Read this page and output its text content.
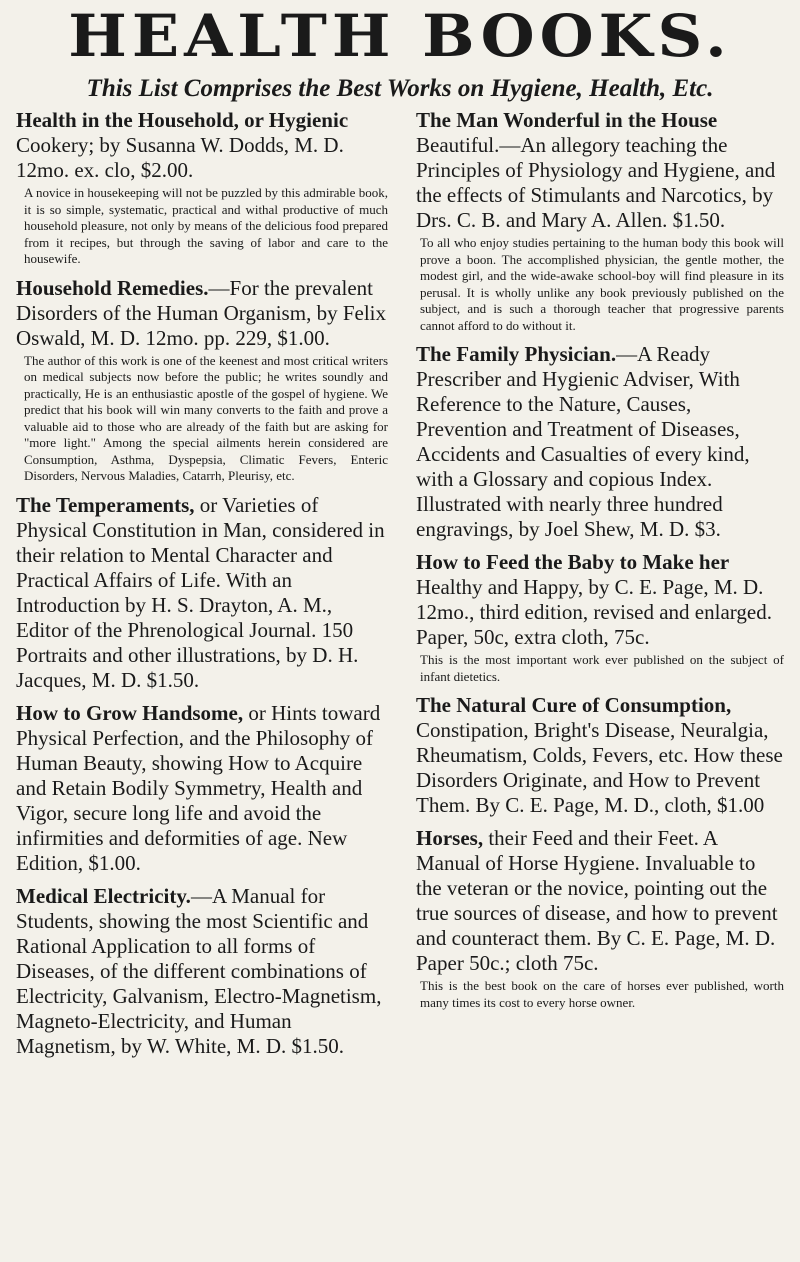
HEALTH BOOKS.
This List Comprises the Best Works on Hygiene, Health, Etc.

Health in the Household, or Hygienic Cookery; by Susanna W. Dodds, M. D. 12mo. ex. clo, $2.00.

A novice in housekeeping will not be puzzled by this admirable book, it is so simple, systematic, practical and withal productive of much household pleasure, not only by means of the delicious food prepared from it recipes, but through the saving of labor and care to the housewife.

Household Remedies.—For the prevalent Disorders of the Human Organism, by Felix Oswald, M. D. 12mo. pp. 229, $1.00.

The author of this work is one of the keenest and most critical writers on medical subjects now before the public; he writes soundly and practically, He is an enthusiastic apostle of the gospel of hygiene. We predict that his book will win many converts to the faith and prove a valuable aid to those who are already of the faith but are asking for "more light." Among the special ailments herein considered are Consumption, Asthma, Dyspepsia, Climatic Fevers, Enteric Disorders, Nervous Maladies, Catarrh, Pleurisy, etc.

The Temperaments, or Varieties of Physical Constitution in Man, considered in their relation to Mental Character and Practical Affairs of Life. With an Introduction by H. S. Drayton, A. M., Editor of the Phrenological Journal. 150 Portraits and other illustrations, by D. H. Jacques, M. D. $1.50.

How to Grow Handsome, or Hints toward Physical Perfection, and the Philosophy of Human Beauty, showing How to Acquire and Retain Bodily Symmetry, Health and Vigor, secure long life and avoid the infirmities and deformities of age. New Edition, $1.00.

Medical Electricity.—A Manual for Students, showing the most Scientific and Rational Application to all forms of Diseases, of the different combinations of Electricity, Galvanism, Electro-Magnetism, Magneto-Electricity, and Human Magnetism, by W. White, M. D. $1.50.

The Man Wonderful in the House Beautiful.—An allegory teaching the Principles of Physiology and Hygiene, and the effects of Stimulants and Narcotics, by Drs. C. B. and Mary A. Allen. $1.50.

To all who enjoy studies pertaining to the human body this book will prove a boon. The accomplished physician, the gentle mother, the modest girl, and the wide-awake school-boy will find pleasure in its perusal. It is wholly unlike any book previously published on the subject, and is such a thorough teacher that progressive parents cannot afford to do without it.

The Family Physician.—A Ready Prescriber and Hygienic Adviser, With Reference to the Nature, Causes, Prevention and Treatment of Diseases, Accidents and Casualties of every kind, with a Glossary and copious Index. Illustrated with nearly three hundred engravings, by Joel Shew, M. D. $3.

How to Feed the Baby to Make her Healthy and Happy, by C. E. Page, M. D. 12mo., third edition, revised and enlarged. Paper, 50c, extra cloth, 75c.

This is the most important work ever published on the subject of infant dietetics.

The Natural Cure of Consumption, Constipation, Bright's Disease, Neuralgia, Rheumatism, Colds, Fevers, etc. How these Disorders Originate, and How to Prevent Them. By C. E. Page, M. D., cloth, $1.00

Horses, their Feed and their Feet. A Manual of Horse Hygiene. Invaluable to the veteran or the novice, pointing out the true sources of disease, and how to prevent and counteract them. By C. E. Page, M. D. Paper 50c.; cloth 75c.

This is the best book on the care of horses ever published, worth many times its cost to every horse owner.
